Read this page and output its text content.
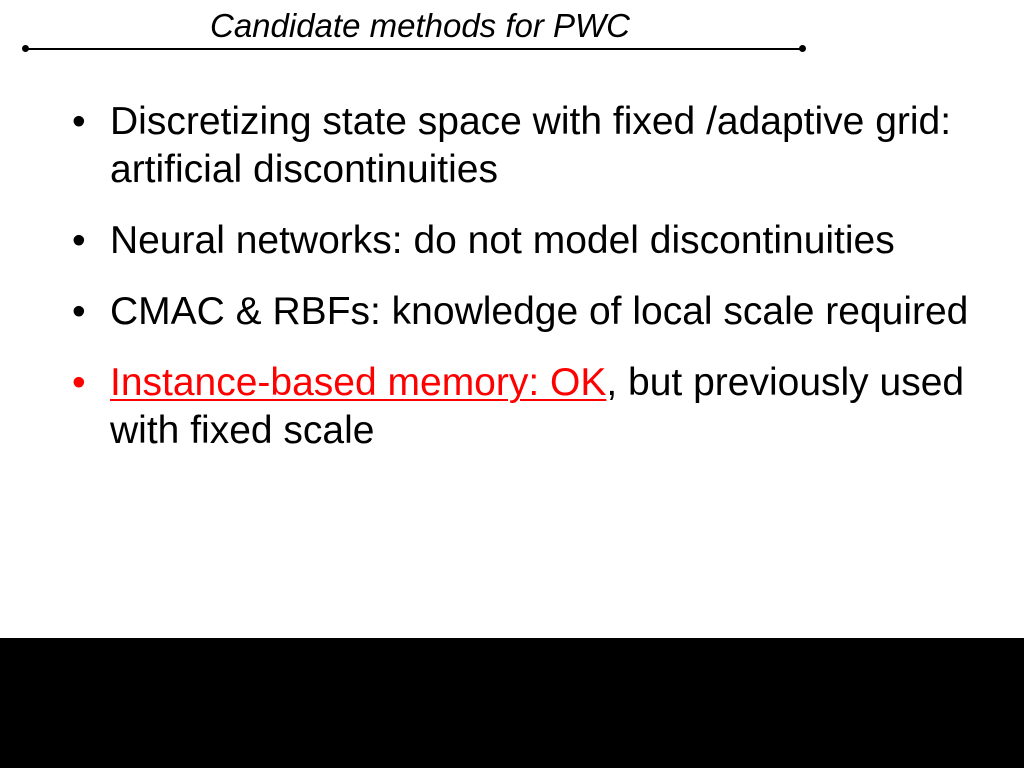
Candidate methods for PWC
• Discretizing state space with fixed /adaptive grid: artificial discontinuities
• Neural networks: do not model discontinuities
• CMAC & RBFs: knowledge of local scale required
• Instance-based memory: OK, but previously used with fixed scale
